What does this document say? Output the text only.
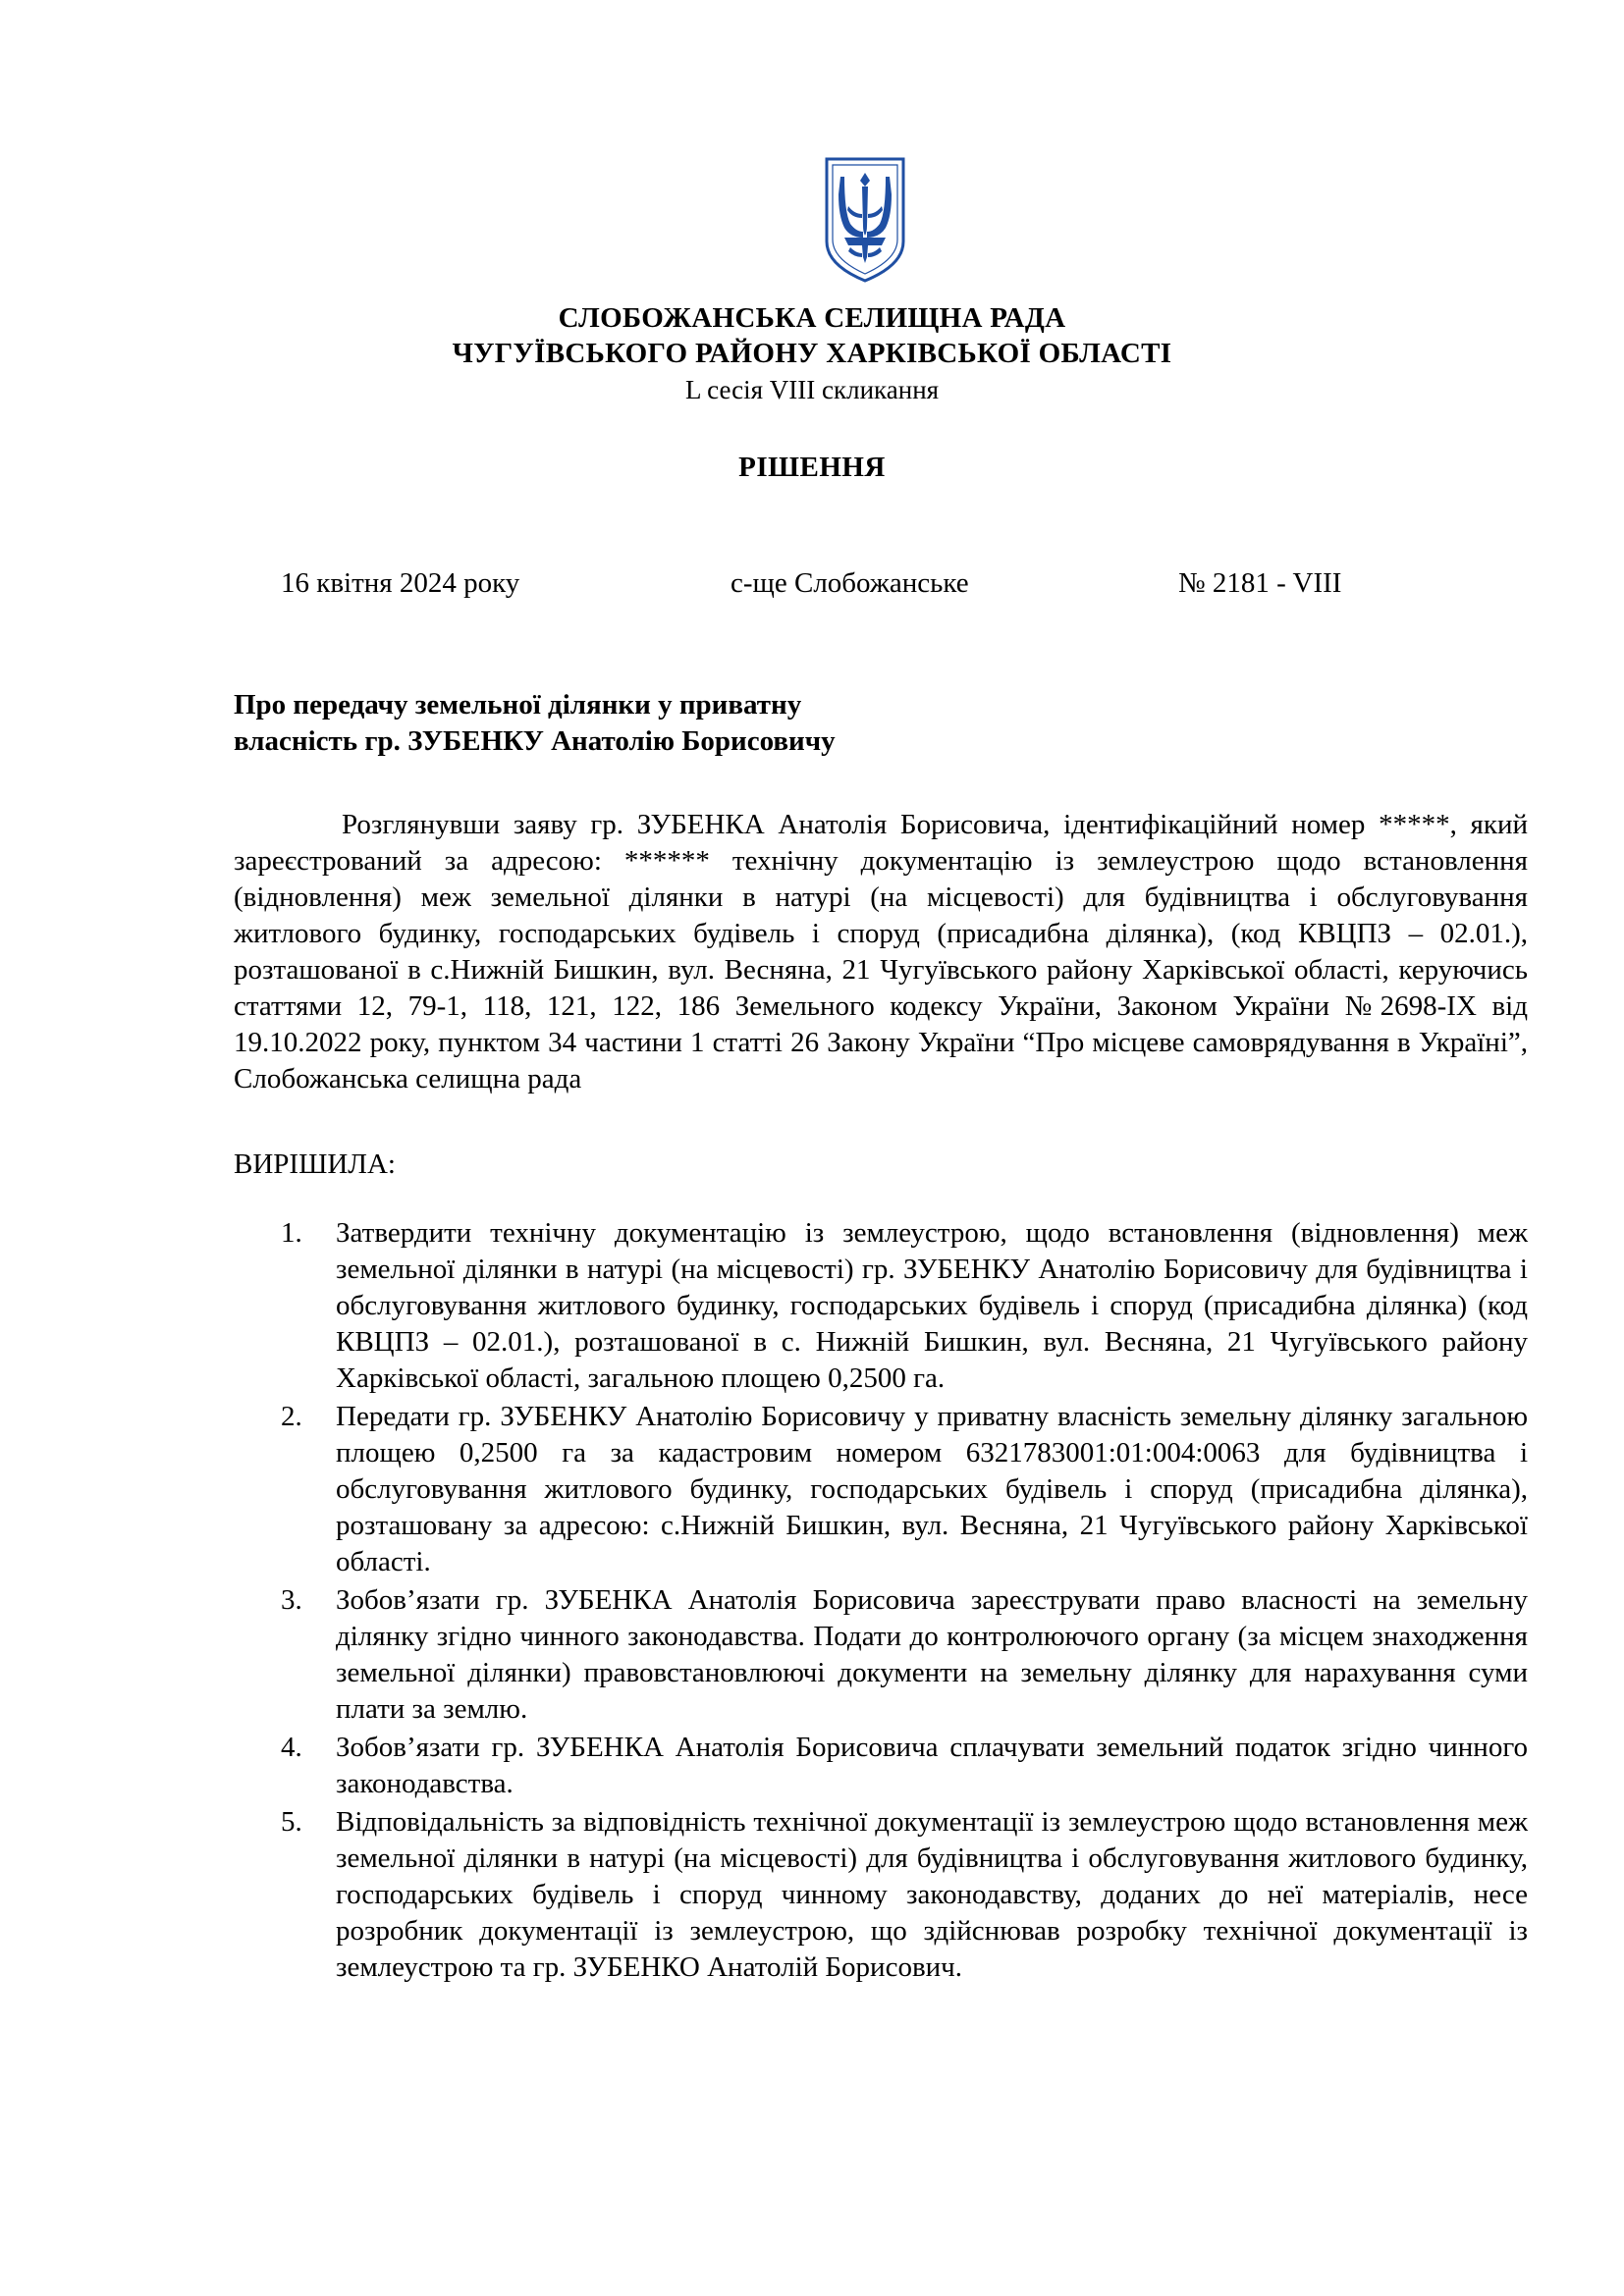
СЛОБОЖАНСЬКА СЕЛИЩНА РАДА
ЧУГУЇВСЬКОГО РАЙОНУ ХАРКІВСЬКОЇ ОБЛАСТІ
L сесія VIII скликання
РІШЕННЯ
16 квітня 2024 року	с-ще Слобожанське	№ 2181 - VIII
Про передачу земельної ділянки у приватну
власність гр. ЗУБЕНКУ Анатолію Борисовичу
Розглянувши заяву гр. ЗУБЕНКА Анатолія Борисовича, ідентифікаційний номер *****, який зареєстрований за адресою: ****** технічну документацію із землеустрою щодо встановлення (відновлення) меж земельної ділянки в натурі (на місцевості) для будівництва і обслуговування житлового будинку, господарських будівель і споруд (присадибна ділянка), (код КВЦПЗ – 02.01.), розташованої в с.Нижній Бишкин, вул. Весняна, 21 Чугуївського району Харківської області, керуючись статтями 12, 79-1, 118, 121, 122, 186 Земельного кодексу України, Законом України №2698-ІХ від 19.10.2022 року, пунктом 34 частини 1 статті 26 Закону України “Про місцеве самоврядування в Україні”, Слобожанська селищна рада
ВИРІШИЛА:
1. Затвердити технічну документацію із землеустрою, щодо встановлення (відновлення) меж земельної ділянки в натурі (на місцевості) гр. ЗУБЕНКУ Анатолію Борисовичу для будівництва і обслуговування житлового будинку, господарських будівель і споруд (присадибна ділянка) (код КВЦПЗ – 02.01.), розташованої в с. Нижній Бишкин, вул. Весняна, 21 Чугуївського району Харківської області, загальною площею 0,2500 га.
2. Передати гр. ЗУБЕНКУ Анатолію Борисовичу у приватну власність земельну ділянку загальною площею 0,2500 га за кадастровим номером 6321783001:01:004:0063 для будівництва і обслуговування житлового будинку, господарських будівель і споруд (присадибна ділянка), розташовану за адресою: с.Нижній Бишкин, вул. Весняна, 21 Чугуївського району Харківської області.
3. Зобов’язати гр. ЗУБЕНКА Анатолія Борисовича зареєструвати право власності на земельну ділянку згідно чинного законодавства. Подати до контролюючого органу (за місцем знаходження земельної ділянки) правовстановлюючі документи на земельну ділянку для нарахування суми плати за землю.
4. Зобов’язати гр. ЗУБЕНКА Анатолія Борисовича сплачувати земельний податок згідно чинного законодавства.
5. Відповідальність за відповідність технічної документації із землеустрою щодо встановлення меж земельної ділянки в натурі (на місцевості) для будівництва і обслуговування житлового будинку, господарських будівель і споруд чинному законодавству, доданих до неї матеріалів, несе розробник документації із землеустрою, що здійснював розробку технічної документації із землеустрою та гр. ЗУБЕНКО Анатолій Борисович.
